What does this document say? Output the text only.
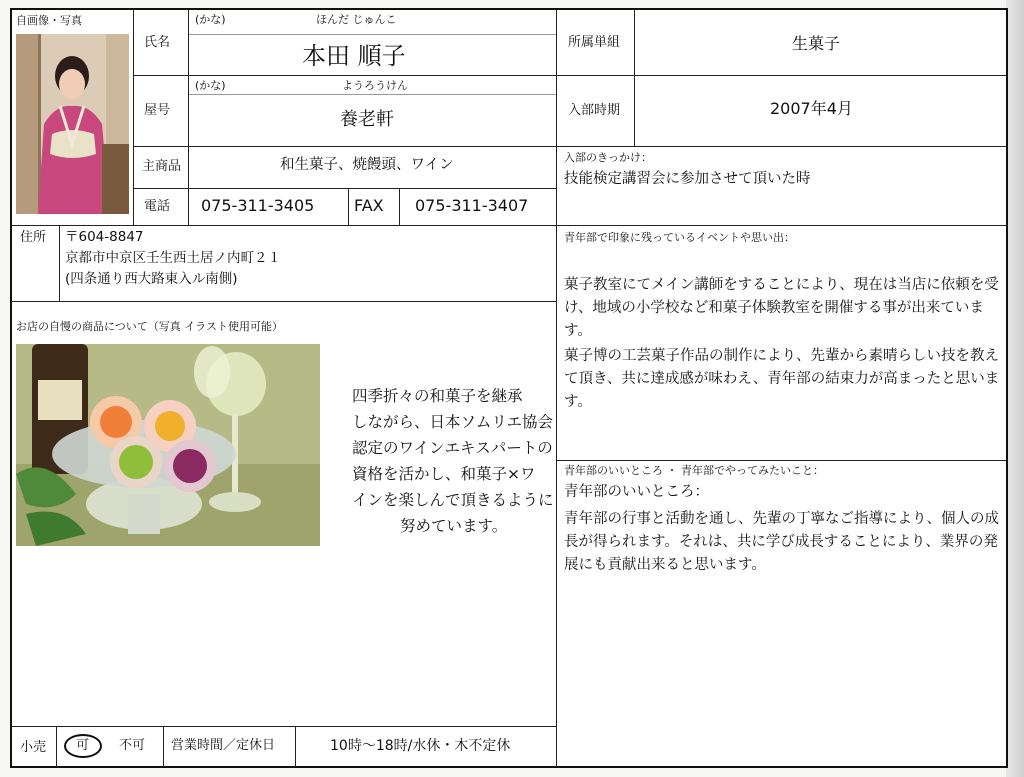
自画像・写真
氏名
(かな)	ほんだ じゅんこ
本田 順子	所属単組	生菓子
屋号
(かな)	ようろうけん
養老軒	入部時期	2007年4月
主商品	和生菓子、焼饅頭、ワイン	入部のきっかけ：
技能検定講習会に参加させて頂いた時
電話 075-311-3405 FAX 075-311-3407
住所 〒604-8847
京都市中京区壬生西土居ノ内町２１
(四条通り西大路東入ル南側)
青年部で印象に残っているイベントや思い出：
菓子教室にてメイン講師をすることにより、現在は当店に依頼を受け、地域の小学校など和菓子体験教室を開催する事が出来ています。
菓子博の工芸菓子作品の制作により、先輩から素晴らしい技を教えて頂き、共に達成感が味わえ、青年部の結束力が高まったと思います。
お店の自慢の商品について（写真 イラスト使用可能）
四季折々の和菓子を継承
しながら、日本ソムリエ協会
認定のワインエキスパートの
資格を活かし、和菓子×ワ
インを楽しんで頂きるように
努めています。
青年部のいいところ ・ 青年部でやってみたいこと：
青年部のいいところ：
青年部の行事と活動を通し、先輩の丁寧なご指導により、個人の成長が得られます。それは、共に学び成長することにより、業界の発展にも貢献出来ると思います。
小売 可 不可 営業時間／定休日	10時〜18時/水休・木不定休
